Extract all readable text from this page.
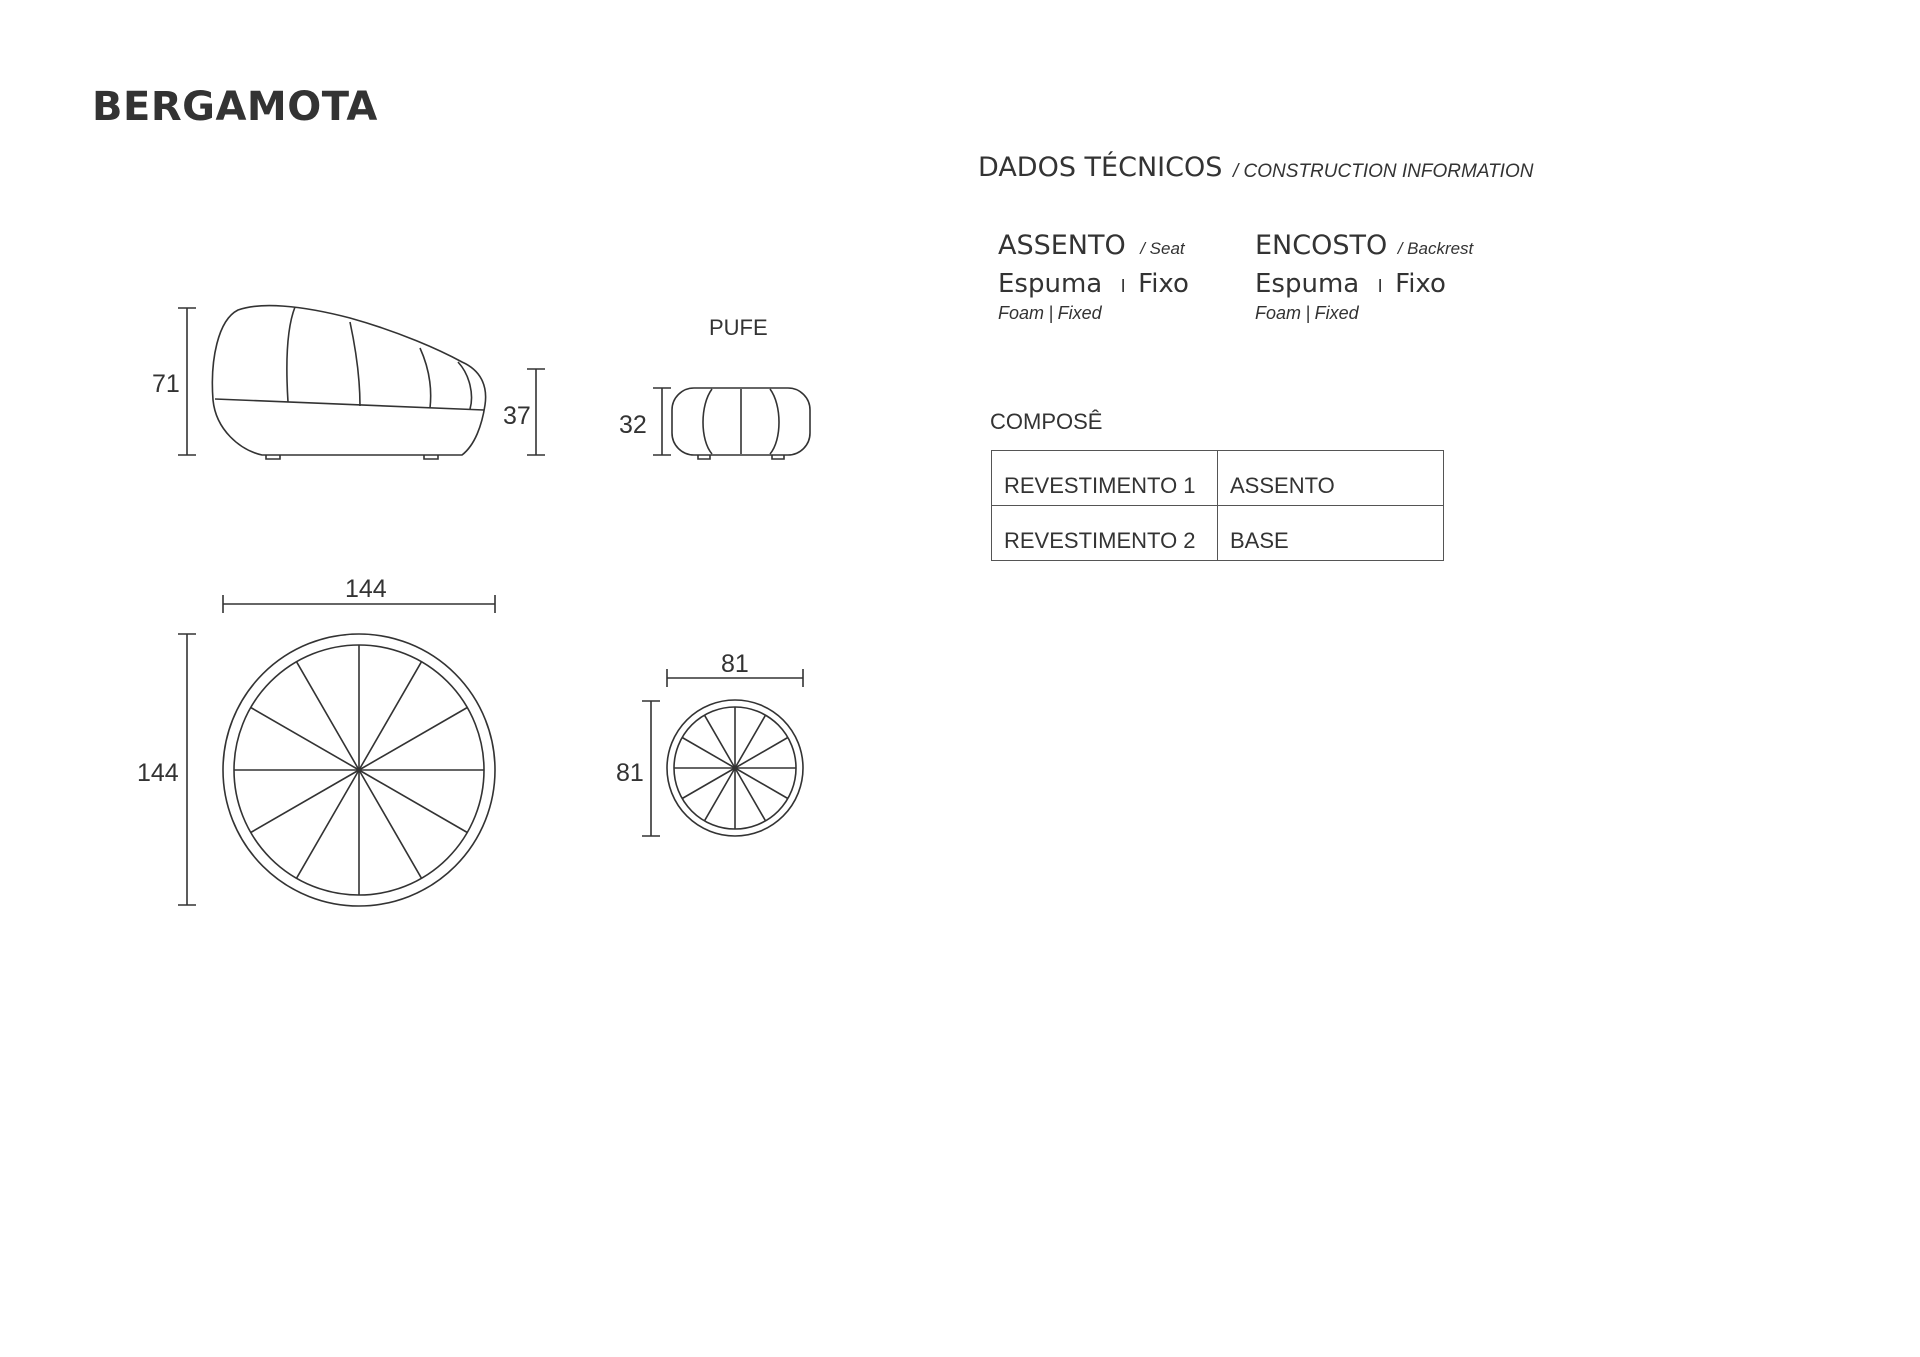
BERGAMOTA
DADOS TÉCNICOS / CONSTRUCTION INFORMATION
ASSENTO / Seat
Espuma I Fixo
Foam | Fixed
ENCOSTO / Backrest
Espuma I Fixo
Foam | Fixed
COMPOSÊ
REVESTIMENTO 1	ASSENTO
REVESTIMENTO 2	BASE
71
37	32
PUFE
144
144
81
81
